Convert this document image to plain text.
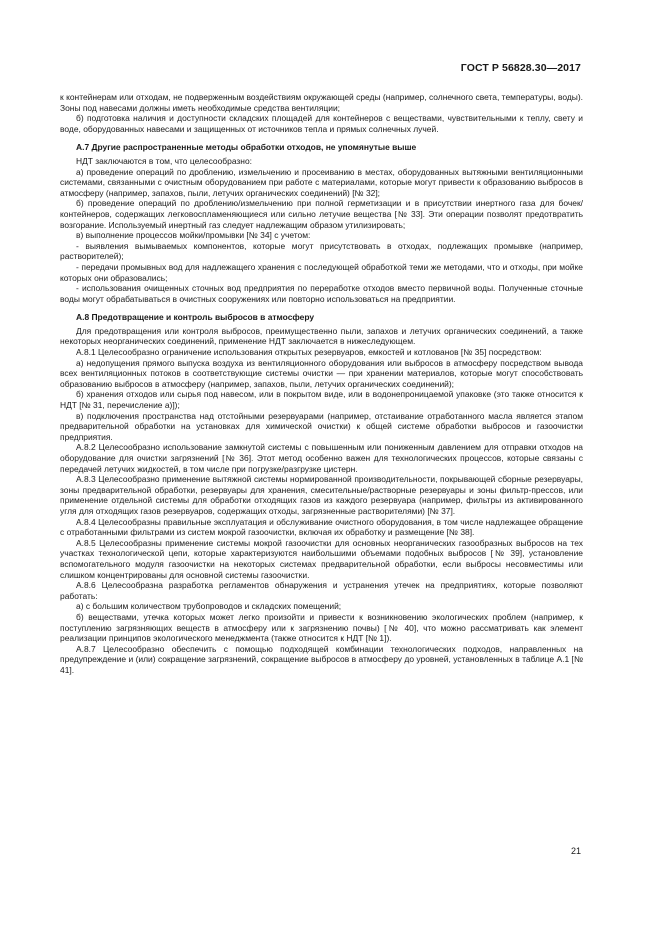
ГОСТ Р 56828.30—2017

к контейнерам или отходам, не подверженным воздействиям окружающей среды (например, солнечного света, температуры, воды). Зоны под навесами должны иметь необходимые средства вентиляции;

б) подготовка наличия и доступности складских площадей для контейнеров с веществами, чувствительными к теплу, свету и воде, оборудованных навесами и защищенных от источников тепла и прямых солнечных лучей.

А.7 Другие распространенные методы обработки отходов, не упомянутые выше

НДТ заключаются в том, что целесообразно:

а) проведение операций по дроблению, измельчению и просеиванию в местах, оборудованных вытяжными вентиляционными системами, связанными с очистным оборудованием при работе с материалами, которые могут привести к образованию выбросов в атмосферу (например, запахов, пыли, летучих органических соединений) [№ 32];

б) проведение операций по дроблению/измельчению при полной герметизации и в присутствии инертного газа для бочек/контейнеров, содержащих легковоспламеняющиеся или сильно летучие вещества [№ 33]. Эти операции позволят предотвратить возгорание. Используемый инертный газ следует надлежащим образом утилизировать;

в) выполнение процессов мойки/промывки [№ 34] с учетом:

- выявления вымываемых компонентов, которые могут присутствовать в отходах, подлежащих промывке (например, растворителей);

- передачи промывных вод для надлежащего хранения с последующей обработкой теми же методами, что и отходы, при мойке которых они образовались;

- использования очищенных сточных вод предприятия по переработке отходов вместо первичной воды. Полученные сточные воды могут обрабатываться в очистных сооружениях или повторно использоваться на предприятии.

А.8 Предотвращение и контроль выбросов в атмосферу

Для предотвращения или контроля выбросов, преимущественно пыли, запахов и летучих органических соединений, а также некоторых неорганических соединений, применение НДТ заключается в нижеследующем.

А.8.1 Целесообразно ограничение использования открытых резервуаров, емкостей и котлованов [№ 35] посредством:

а) недопущения прямого выпуска воздуха из вентиляционного оборудования или выбросов в атмосферу посредством вывода всех вентиляционных потоков в соответствующие системы очистки — при хранении материалов, которые могут способствовать образованию выбросов в атмосферу (например, запахов, пыли, летучих органических соединений);

б) хранения отходов или сырья под навесом, или в покрытом виде, или в водонепроницаемой упаковке (это также относится к НДТ [№ 31, перечисление а)]);

в) подключения пространства над отстойными резервуарами (например, отстаивание отработанного масла является этапом предварительной обработки на установках для химической очистки) к общей системе обработки выбросов и газоочистки предприятия.

А.8.2 Целесообразно использование замкнутой системы с повышенным или пониженным давлением для отправки отходов на оборудование для очистки загрязнений [№ 36]. Этот метод особенно важен для технологических процессов, которые связаны с передачей летучих жидкостей, в том числе при погрузке/разгрузке цистерн.

А.8.3 Целесообразно применение вытяжной системы нормированной производительности, покрывающей сборные резервуары, зоны предварительной обработки, резервуары для хранения, смесительные/растворные резервуары и зоны фильтр-прессов, или применение отдельной системы для обработки отходящих газов из каждого резервуара (например, фильтры из активированного угля для отходящих газов резервуаров, содержащих отходы, загрязненные растворителями) [№ 37].

А.8.4 Целесообразны правильные эксплуатация и обслуживание очистного оборудования, в том числе надлежащее обращение с отработанными фильтрами из систем мокрой газоочистки, включая их обработку и размещение [№ 38].

А.8.5 Целесообразны применение системы мокрой газоочистки для основных неорганических газообразных выбросов на тех участках технологической цепи, которые характеризуются наибольшими объемами подобных выбросов [№ 39], установление вспомогательного модуля газоочистки на некоторых системах предварительной обработки, если выбросы несовместимы или слишком концентрированы для основной системы газоочистки.

А.8.6 Целесообразна разработка регламентов обнаружения и устранения утечек на предприятиях, которые позволяют работать:

а) с большим количеством трубопроводов и складских помещений;

б) веществами, утечка которых может легко произойти и привести к возникновению экологических проблем (например, к поступлению загрязняющих веществ в атмосферу или к загрязнению почвы) [№ 40], что можно рассматривать как элемент реализации принципов экологического менеджмента (также относится к НДТ [№ 1]).

А.8.7 Целесообразно обеспечить с помощью подходящей комбинации технологических подходов, направленных на предупреждение и (или) сокращение загрязнений, сокращение выбросов в атмосферу до уровней, установленных в таблице А.1 [№ 41].

21
